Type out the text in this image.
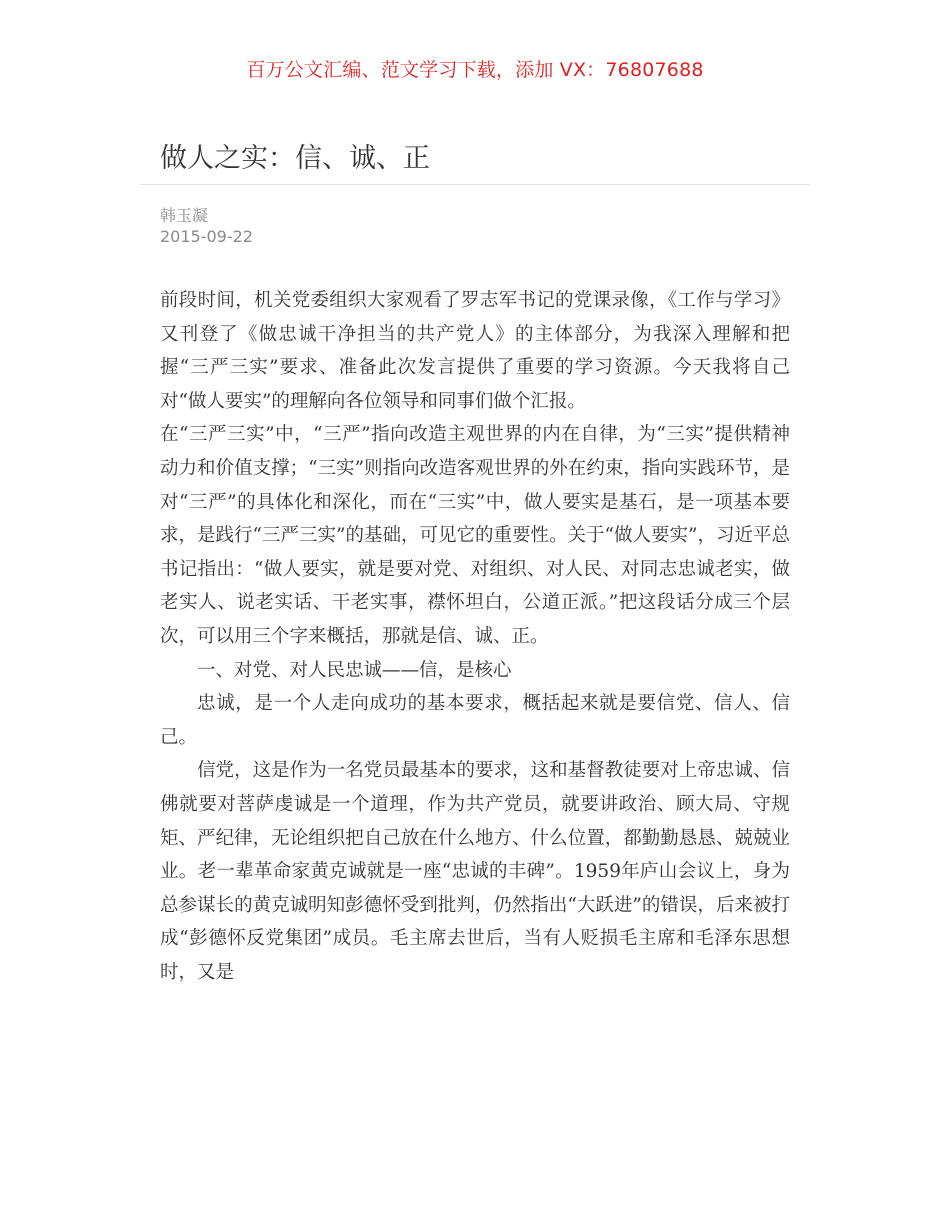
百万公文汇编、范文学习下载，添加 VX：76807688
做人之实：信、诚、正
韩玉凝
2015-09-22

前段时间，机关党委组织大家观看了罗志军书记的党课录像，《工作与学习》又刊登了《做忠诚干净担当的共产党人》的主体部分，为我深入理解和把握“三严三实”要求、准备此次发言提供了重要的学习资源。今天我将自己对“做人要实”的理解向各位领导和同事们做个汇报。

在“三严三实”中，“三严”指向改造主观世界的内在自律，为“三实”提供精神动力和价值支撑；“三实”则指向改造客观世界的外在约束，指向实践环节，是对“三严”的具体化和深化，而在“三实”中，做人要实是基石，是一项基本要求，是践行“三严三实”的基础，可见它的重要性。关于“做人要实”，习近平总书记指出：“做人要实，就是要对党、对组织、对人民、对同志忠诚老实，做老实人、说老实话、干老实事，襟怀坦白，公道正派。”把这段话分成三个层次，可以用三个字来概括，那就是信、诚、正。

一、对党、对人民忠诚——信，是核心

忠诚，是一个人走向成功的基本要求，概括起来就是要信党、信人、信己。

信党，这是作为一名党员最基本的要求，这和基督教徒要对上帝忠诚、信佛就要对菩萨虔诚是一个道理，作为共产党员，就要讲政治、顾大局、守规矩、严纪律，无论组织把自己放在什么地方、什么位置，都勤勤恳恳、兢兢业业。老一辈革命家黄克诚就是一座“忠诚的丰碑”。1959年庐山会议上，身为总参谋长的黄克诚明知彭德怀受到批判，仍然指出“大跃进”的错误，后来被打成“彭德怀反党集团”成员。毛主席去世后，当有人贬损毛主席和毛泽东思想时，又是
